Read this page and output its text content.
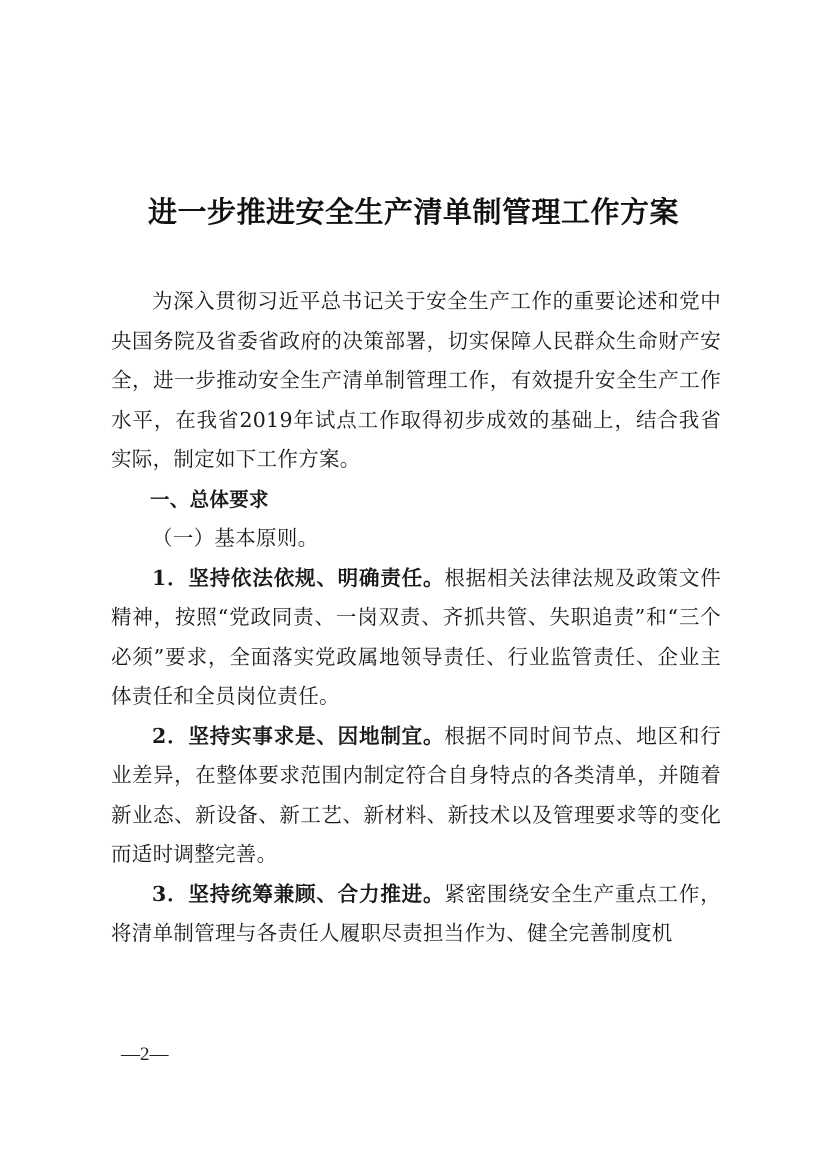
进一步推进安全生产清单制管理工作方案

为深入贯彻习近平总书记关于安全生产工作的重要论述和党中央国务院及省委省政府的决策部署，切实保障人民群众生命财产安全，进一步推动安全生产清单制管理工作，有效提升安全生产工作水平，在我省2019年试点工作取得初步成效的基础上，结合我省实际，制定如下工作方案。

一、总体要求

（一）基本原则。

1．坚持依法依规、明确责任。根据相关法律法规及政策文件精神，按照“党政同责、一岗双责、齐抓共管、失职追责”和“三个必须”要求，全面落实党政属地领导责任、行业监管责任、企业主体责任和全员岗位责任。

2．坚持实事求是、因地制宜。根据不同时间节点、地区和行业差异，在整体要求范围内制定符合自身特点的各类清单，并随着新业态、新设备、新工艺、新材料、新技术以及管理要求等的变化而适时调整完善。

3．坚持统筹兼顾、合力推进。紧密围绕安全生产重点工作，将清单制管理与各责任人履职尽责担当作为、健全完善制度机

—2—
